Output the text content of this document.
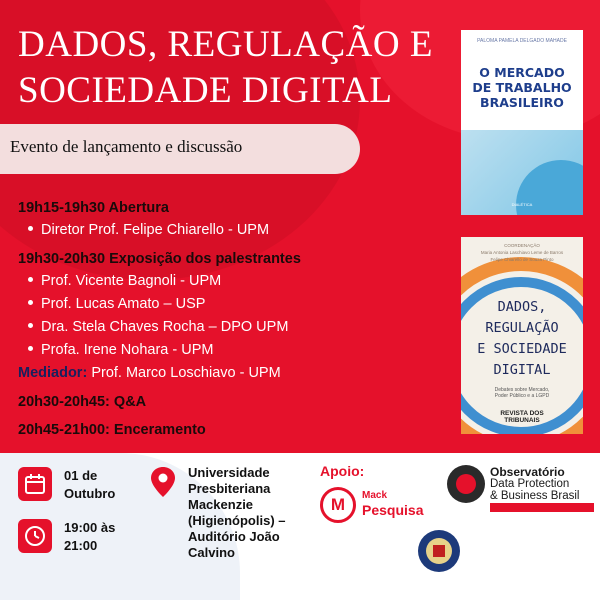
DADOS, REGULAÇÃO E
SOCIEDADE DIGITAL
Evento de lançamento e discussão
19h15-19h30 Abertura
Diretor Prof. Felipe Chiarello - UPM
19h30-20h30 Exposição dos palestrantes
Prof. Vicente Bagnoli - UPM
Prof. Lucas Amato – USP
Dra. Stela Chaves Rocha – DPO UPM
Profa. Irene Nohara - UPM
Mediador: Prof. Marco Loschiavo - UPM
20h30-20h45: Q&A
20h45-21h00: Enceramento
PALOMA PAMELA DELGADO MAHADE
O MERCADO
DE TRABALHO
BRASILEIRO
DIALÉTICA
COORDENAÇÃO
Maria Antonia Laschiavo Leme de Barros
Felipe Chiarello de Souza Pinto
DADOS,
REGULAÇÃO
E SOCIEDADE
DIGITAL
Debates sobre Mercado,
Poder Público e a LGPD
REVISTA DOS
TRIBUNAIS
01 de
Outubro
19:00 às
21:00
Universidade
Presbiteriana
Mackenzie
(Higienópolis) –
Auditório João
Calvino
Apoio:
M	Mack
Pesquisa
Observatório
Data Protection
& Business Brasil
